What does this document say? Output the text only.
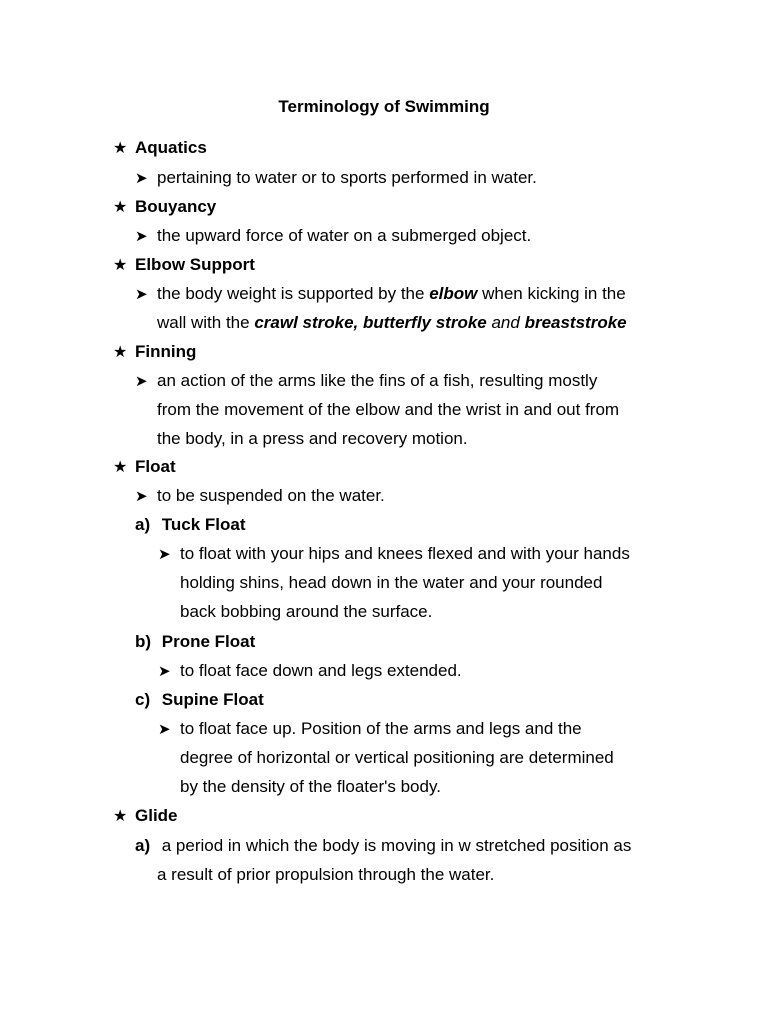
Terminology of Swimming
★ Aquatics
➤ pertaining to water or to sports performed in water.
★ Bouyancy
➤ the upward force of water on a submerged object.
★ Elbow Support
➤ the body weight is supported by the elbow when kicking in the
wall with the crawl stroke, butterfly stroke and breaststroke
★ Finning
➤ an action of the arms like the fins of a fish, resulting mostly
from the movement of the elbow and the wrist in and out from
the body, in a press and recovery motion.
★ Float
➤ to be suspended on the water.
a) Tuck Float
➤ to float with your hips and knees flexed and with your hands
holding shins, head down in the water and your rounded
back bobbing around the surface.
b) Prone Float
➤ to float face down and legs extended.
c) Supine Float
➤ to float face up. Position of the arms and legs and the
degree of horizontal or vertical positioning are determined
by the density of the floater's body.
★ Glide
a) a period in which the body is moving in w stretched position as
a result of prior propulsion through the water.
